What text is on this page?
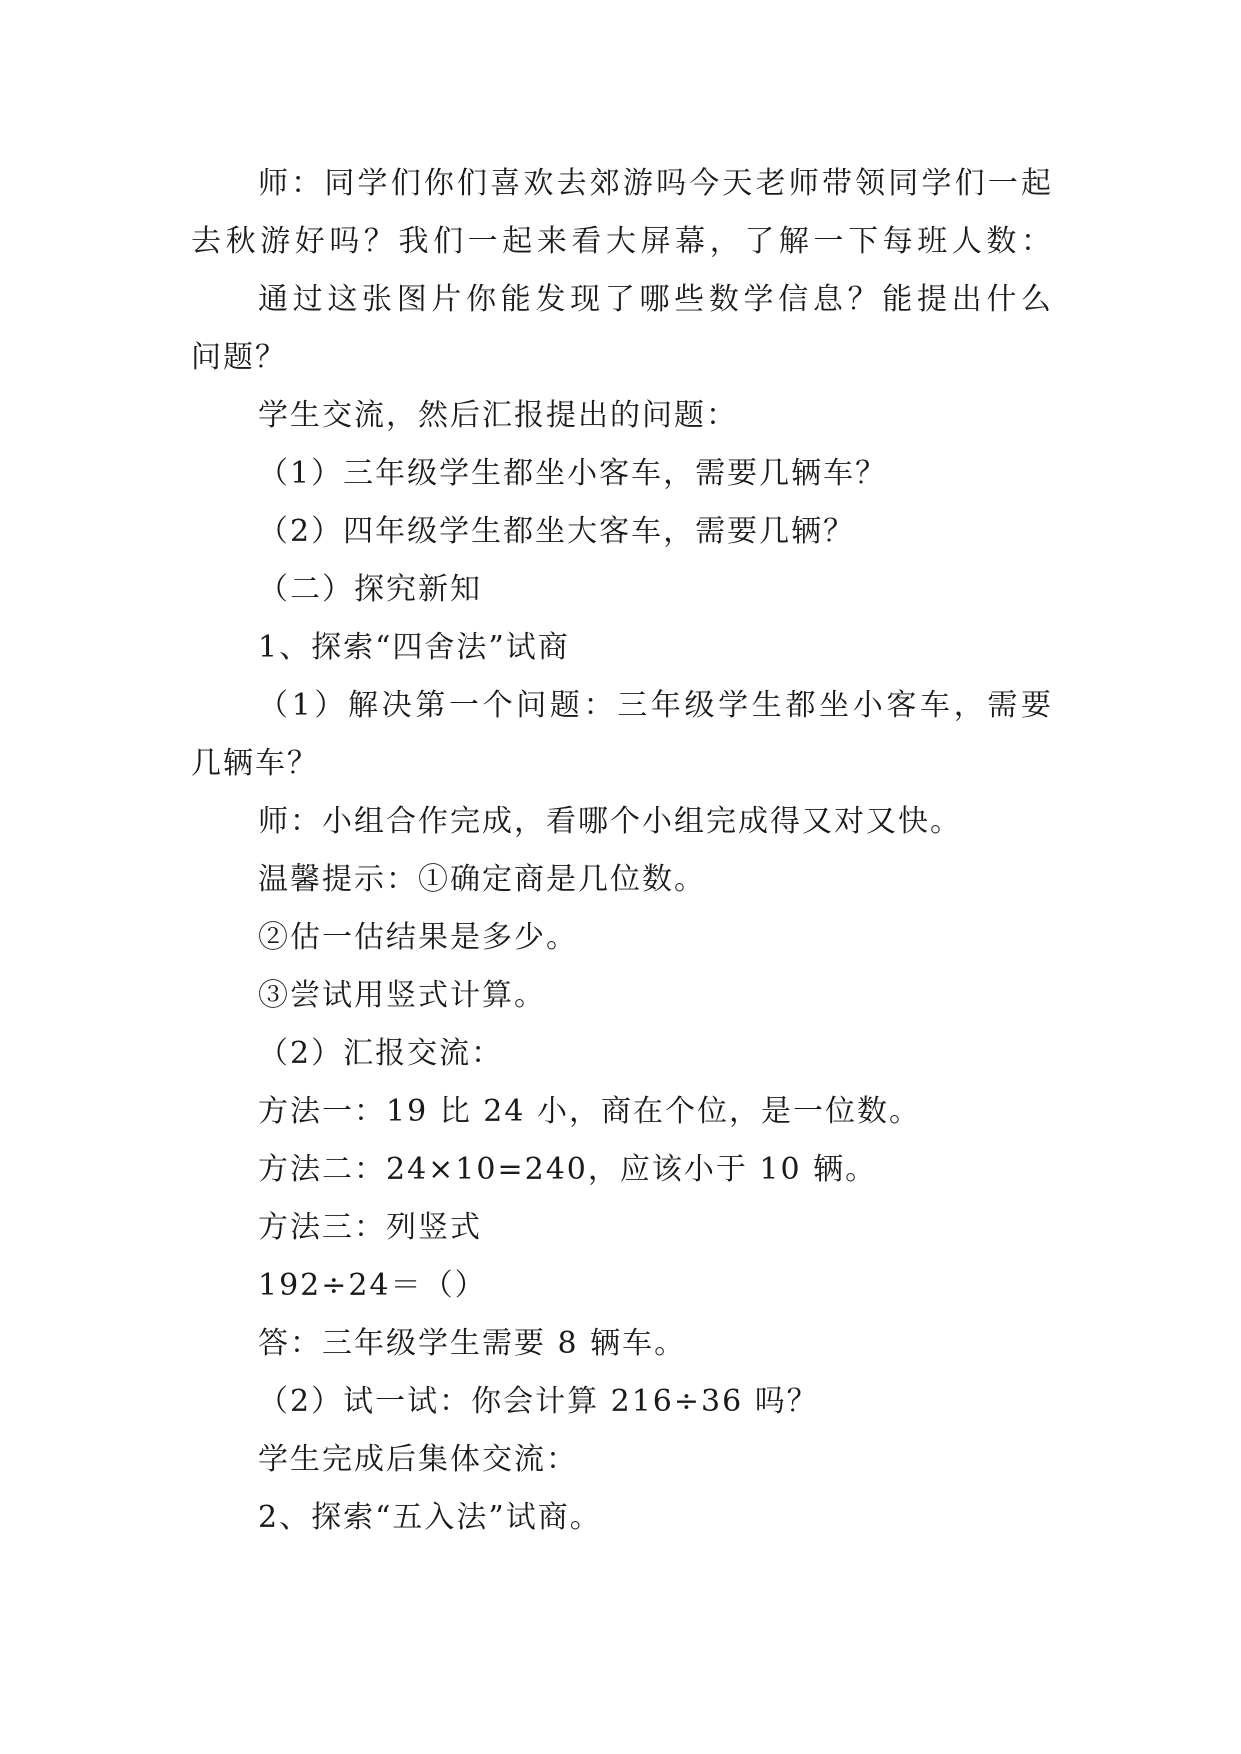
师：同学们你们喜欢去郊游吗今天老师带领同学们一起
去秋游好吗？我们一起来看大屏幕，了解一下每班人数：
通过这张图片你能发现了哪些数学信息？能提出什么
问题？
学生交流，然后汇报提出的问题：
（1）三年级学生都坐小客车，需要几辆车？
（2）四年级学生都坐大客车，需要几辆？
（二）探究新知
1、探索“四舍法”试商
（1）解决第一个问题：三年级学生都坐小客车，需要
几辆车？
师：小组合作完成，看哪个小组完成得又对又快。
温馨提示：①确定商是几位数。
②估一估结果是多少。
③尝试用竖式计算。
（2）汇报交流：
方法一：19 比 24 小，商在个位，是一位数。
方法二：24×10=240，应该小于 10 辆。
方法三：列竖式
192÷24＝（）
答：三年级学生需要 8 辆车。
（2）试一试：你会计算 216÷36 吗？
学生完成后集体交流：
2、探索“五入法”试商。
